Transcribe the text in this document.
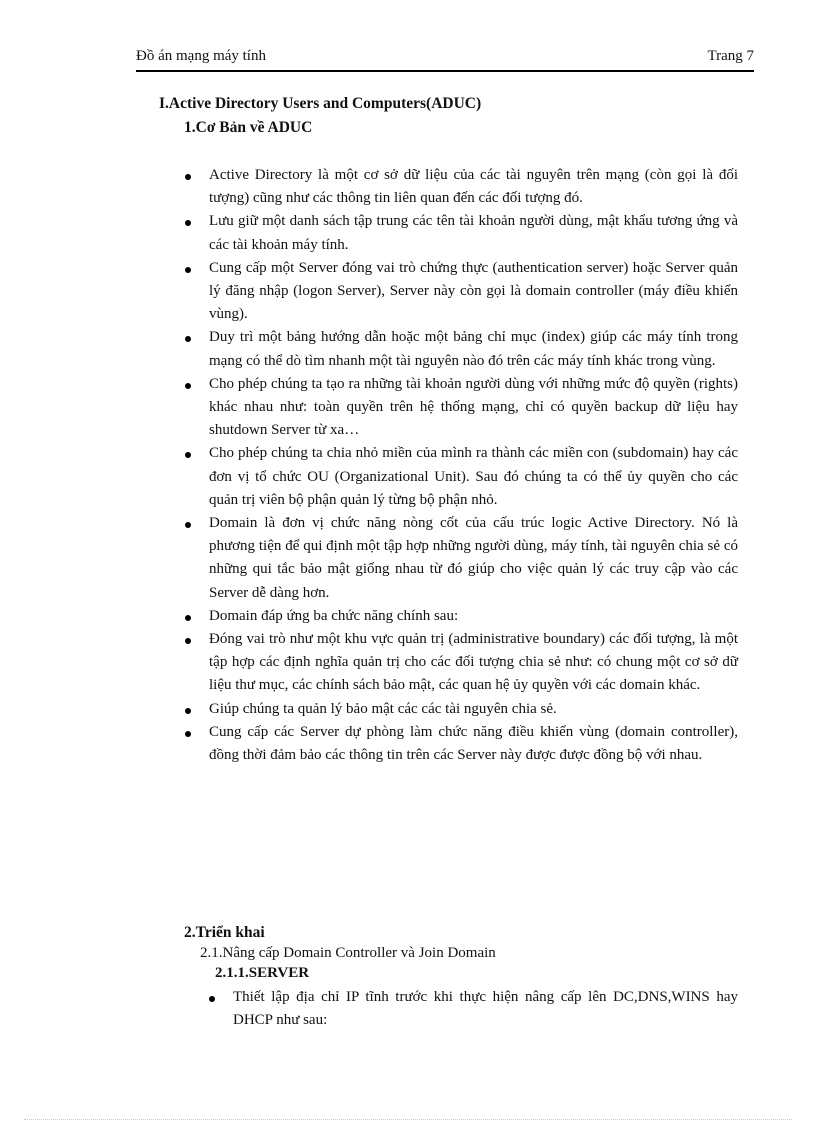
Đồ án mạng máy tính	Trang 7
I.Active Directory Users and Computers(ADUC)
1.Cơ Bản về ADUC
Active Directory là một cơ sở dữ liệu của các tài nguyên trên mạng (còn gọi là đối tượng) cũng như các thông tin liên quan đến các đối tượng đó.
Lưu giữ một danh sách tập trung các tên tài khoản người dùng, mật khẩu tương ứng và các tài khoản máy tính.
Cung cấp một Server đóng vai trò chứng thực (authentication server) hoặc Server quản lý đăng nhập (logon Server), Server này còn gọi là domain controller (máy điều khiển vùng).
Duy trì một bảng hướng dẫn hoặc một bảng chỉ mục (index) giúp các máy tính trong mạng có thể dò tìm nhanh một tài nguyên nào đó trên các máy tính khác trong vùng.
Cho phép chúng ta tạo ra những tài khoản người dùng với những mức độ quyền (rights) khác nhau như: toàn quyền trên hệ thống mạng, chỉ có quyền backup dữ liệu hay shutdown Server từ xa…
Cho phép chúng ta chia nhỏ miền của mình ra thành các miền con (subdomain) hay các đơn vị tổ chức OU (Organizational Unit). Sau đó chúng ta có thể ủy quyền cho các quản trị viên bộ phận quản lý từng bộ phận nhỏ.
Domain là đơn vị chức năng nòng cốt của cấu trúc logic Active Directory. Nó là phương tiện để qui định một tập hợp những người dùng, máy tính, tài nguyên chia sẻ có những qui tắc bảo mật giống nhau từ đó giúp cho việc quản lý các truy cập vào các Server dễ dàng hơn.
Domain đáp ứng ba chức năng chính sau:
Đóng vai trò như một khu vực quản trị (administrative boundary) các đối tượng, là một tập hợp các định nghĩa quản trị cho các đối tượng chia sẻ như: có chung một cơ sở dữ liệu thư mục, các chính sách bảo mật, các quan hệ ủy quyền với các domain khác.
Giúp chúng ta quản lý bảo mật các các tài nguyên chia sẻ.
Cung cấp các Server dự phòng làm chức năng điều khiển vùng (domain controller), đồng thời đảm bảo các thông tin trên các Server này được được đồng bộ với nhau.
2.Triển khai
2.1.Nâng cấp Domain Controller và Join Domain
2.1.1.SERVER
Thiết lập địa chỉ IP tĩnh trước khi thực hiện nâng cấp lên DC,DNS,WINS hay DHCP như sau:
